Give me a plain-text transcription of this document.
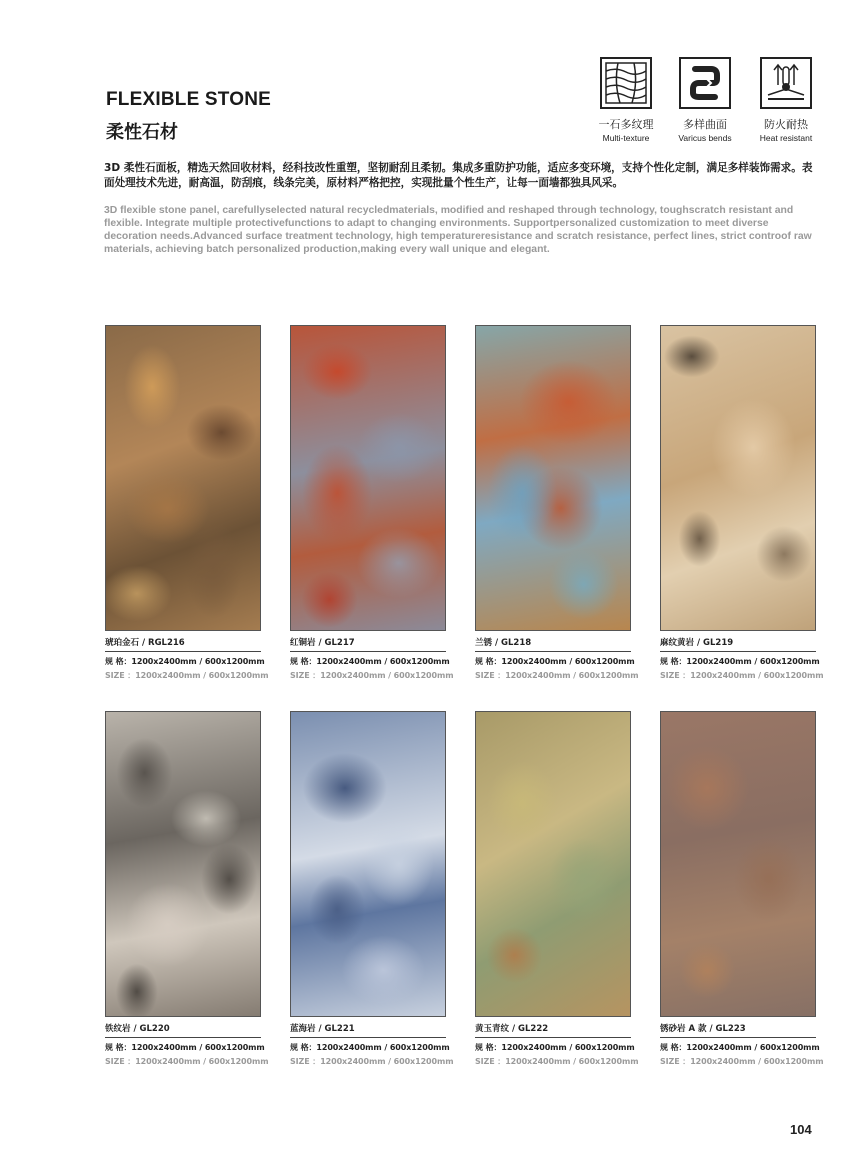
FLEXIBLE STONE
柔性石材	一石多纹理
Multi-texture
多样曲面
Varicus bends
防火耐热
Heat resistant
3D 柔性石面板，精选天然回收材料，经科技改性重塑，坚韧耐刮且柔韧。集成多重防护功能，适应多变环境，支持个性化定制，满足多样装饰需求。表面处理技术先进，耐高温，防刮痕，线条完美，原材料严格把控，实现批量个性生产，让每一面墙都独具风采。
3D flexible stone panel, carefullyselected natural recycledmaterials, modified and reshaped through technology, toughscratch resistant and flexible. Integrate multiple protectivefunctions to adapt to changing environments. Supportpersonalized customization to meet diverse decoration needs.Advanced surface treatment technology, high temperatureresistance and scratch resistance, perfect lines, strict controof raw materials, achieving batch personalized production,making every wall unique and elegant.
琥珀金石 / RGL216
规 格：1200x2400mm / 600x1200mm
SIZE ：1200x2400mm / 600x1200mm
红铜岩 / GL217
规 格：1200x2400mm / 600x1200mm
SIZE ：1200x2400mm / 600x1200mm
兰锈 / GL218
规 格：1200x2400mm / 600x1200mm
SIZE ：1200x2400mm / 600x1200mm
麻纹黄岩 / GL219
规 格：1200x2400mm / 600x1200mm
SIZE ：1200x2400mm / 600x1200mm
铁纹岩 / GL220
规 格：1200x2400mm / 600x1200mm
SIZE ：1200x2400mm / 600x1200mm
蓝海岩 / GL221
规 格：1200x2400mm / 600x1200mm
SIZE ：1200x2400mm / 600x1200mm
黄玉青纹 / GL222
规 格：1200x2400mm / 600x1200mm
SIZE ：1200x2400mm / 600x1200mm
锈砂岩 A 款 / GL223
规 格：1200x2400mm / 600x1200mm
SIZE ：1200x2400mm / 600x1200mm
104
